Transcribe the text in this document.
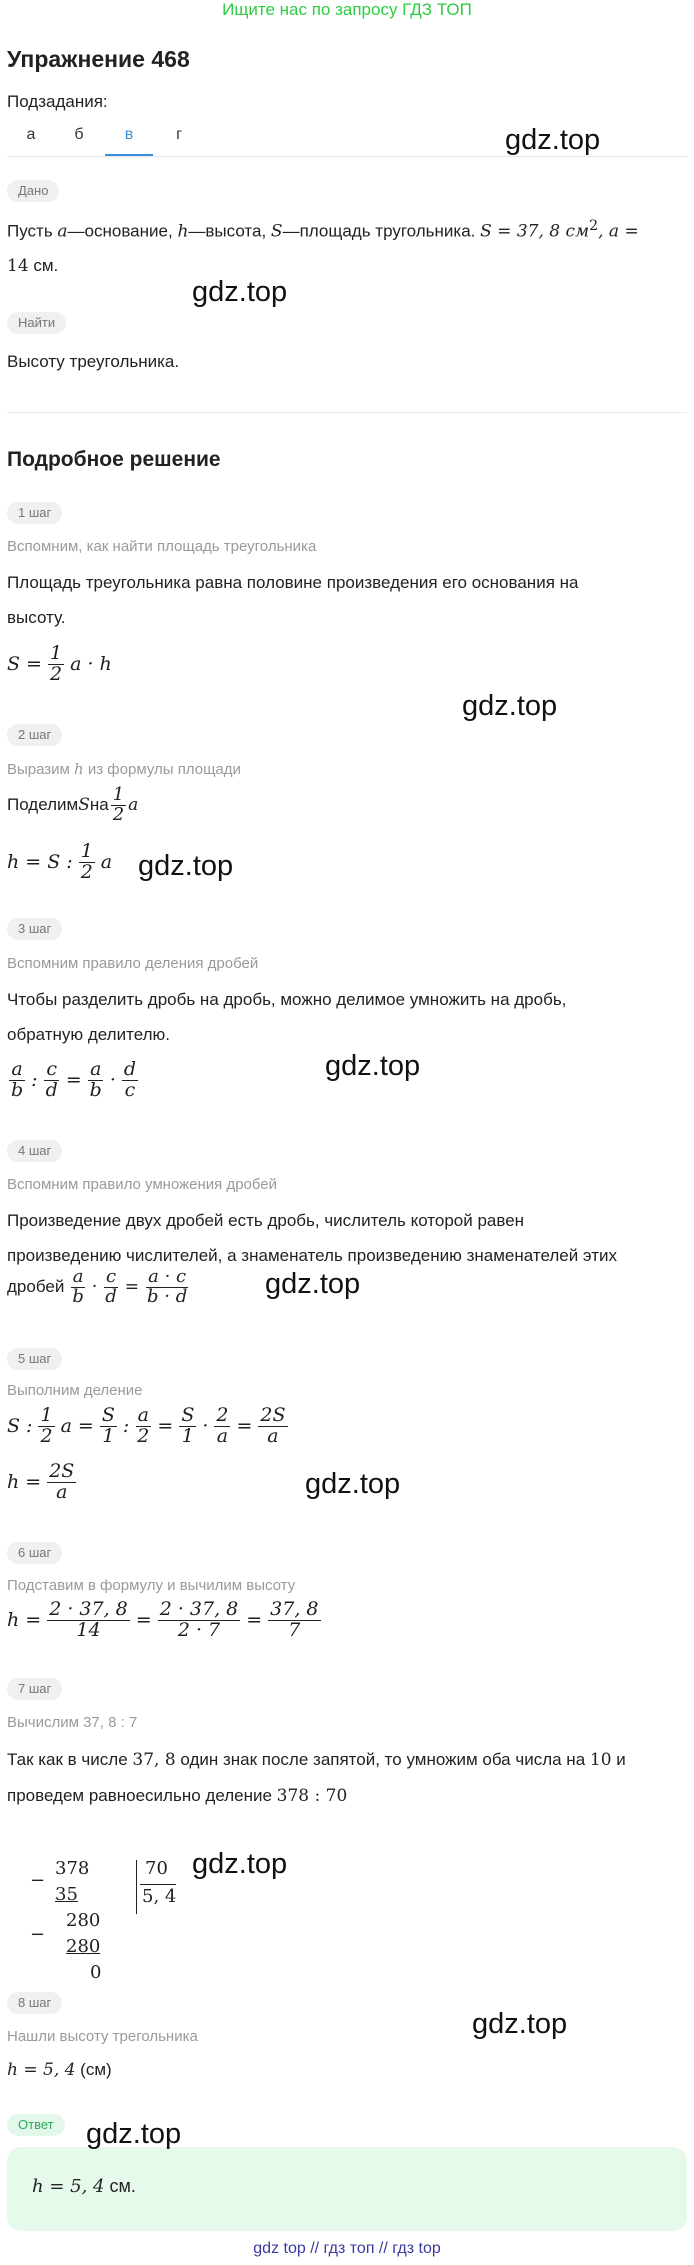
Ищите нас по запросу ГДЗ ТОП
Упражнение 468
Подзадания:
а	б	в	г	gdz.top
Дано
Пусть a—основание, h—высота, S—площадь тругольника. S = 37, 8 $см^2$, a =
14 см.
gdz.top
Найти
Высоту треугольника.
Подробное решение
1 шаг
Вспомним, как найти площадь треугольника
Площадь треугольника равна половине произведения его основания на
высоту.
$S = \frac{1}{2}$ a · h
gdz.top
2 шаг
Выразим h из формулы площади
Поделим S на $\frac{1}{2}$ a
h = S : $\frac{1}{2}$ a gdz.top
3 шаг
Вспомним правило деления дробей
Чтобы разделить дробь на дробь, можно делимое умножить на дробь,
обратную делителю.
$\frac{a}{b}$ : $\frac{c}{d} = \frac{a}{b} \cdot \frac{d}{c}$	gdz.top
4 шаг
Вспомним правило умножения дробей
Произведение двух дробей есть дробь, числитель которой равен
произведению числителей, а знаменатель произведению знаменателей этих
дробей $\frac{a}{b} \cdot \frac{c}{d} = \frac{a \cdot c}{b \cdot d}$	gdz.top
5 шаг
Выполним деление
S : $\frac{1}{2}$ $a = \frac{S}{1}$ : $\frac{a}{2} = \frac{S}{1} \cdot \frac{2}{a} = \frac{2S}{a}$
$h = \frac{2S}{a}$	gdz.top
6 шаг
Подставим в формулу и вычилим высоту
$h = \frac{2 \cdot 37, 8}{14} = \frac{2 \cdot 37, 8}{2 \cdot 7} = \frac{37, 8}{7}$
7 шаг
Вычислим 37, 8 : 7
Так как в числе 37, 8 один знак после запятой, то умножим оба числа на 10 и
проведем равноесильно деление 378 : 70
−
378
35
280
−
280
0
70
5, 4
gdz.top
8 шаг
gdz.top
Нашли высоту трегольника
h = 5, 4 (см)
Ответ	gdz.top
h = 5, 4 см.
gdz top // гдз топ // гдз top
